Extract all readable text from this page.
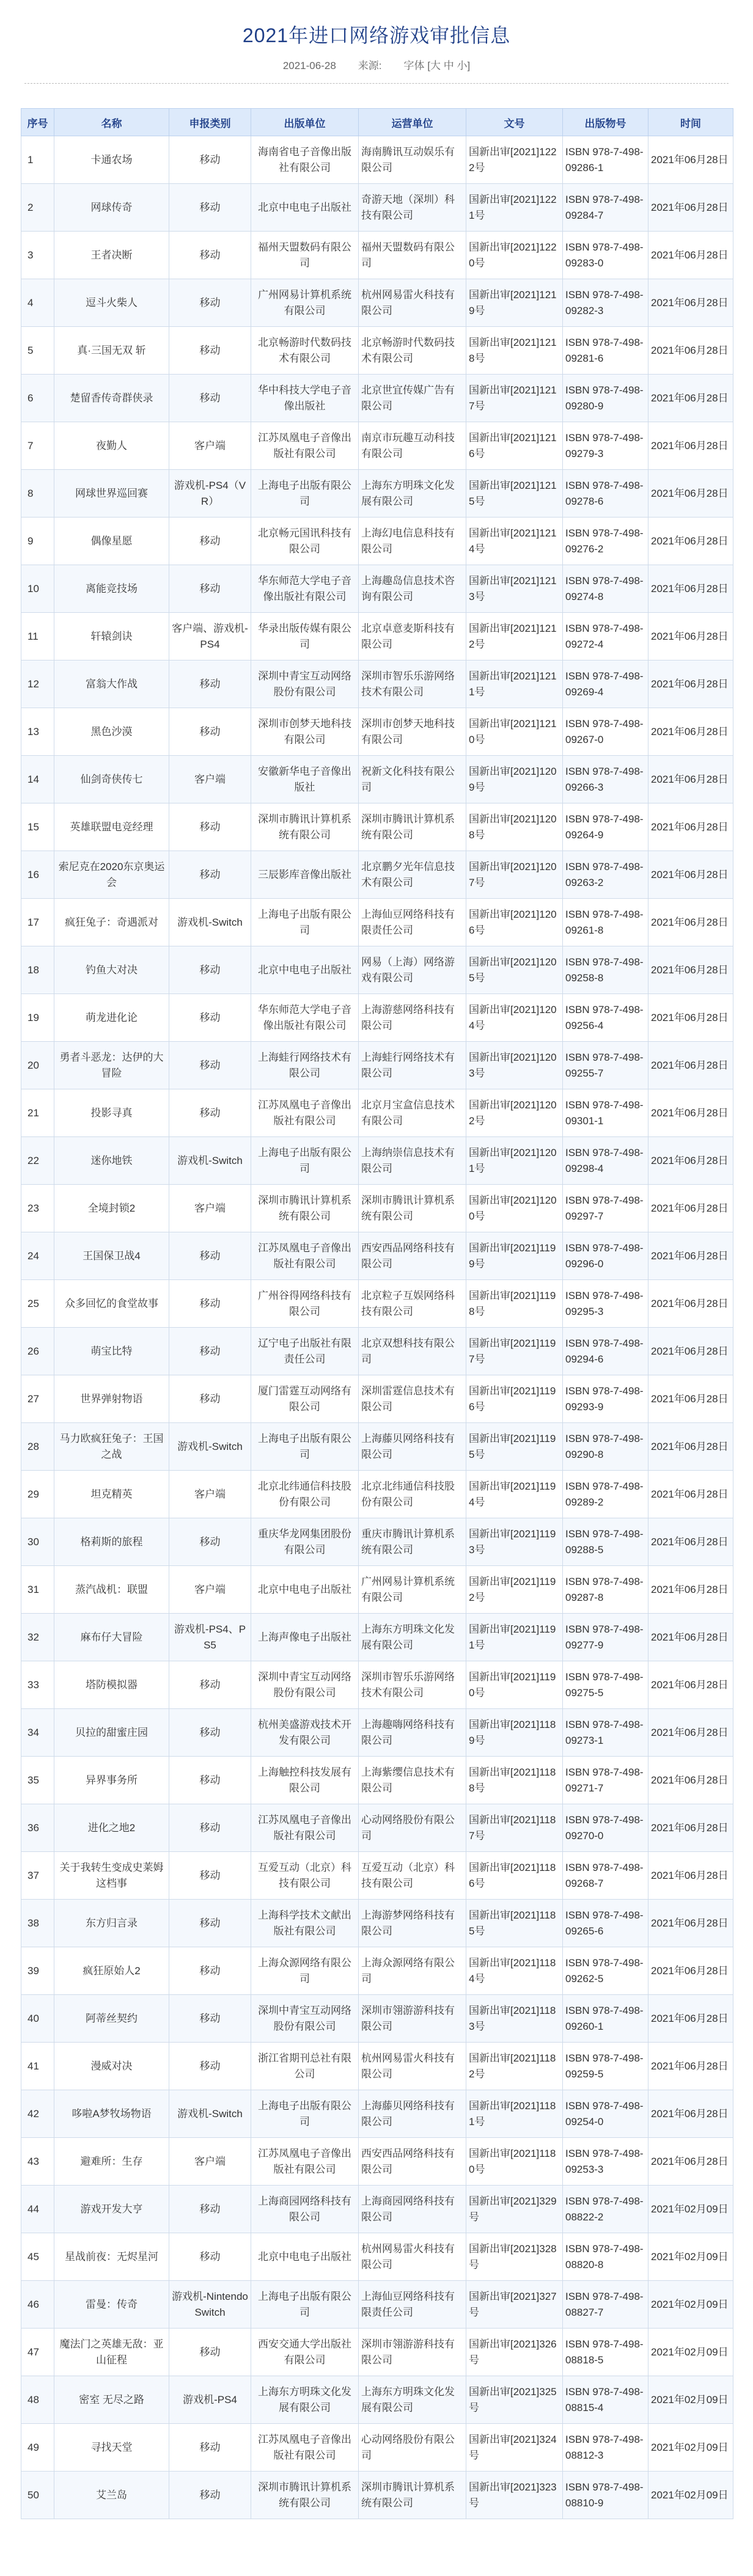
2021年进口网络游戏审批信息
2021-06-28 来源: 字体 [大 中 小]
序号	名称	申报类别	出版单位	运营单位	文号	出版物号	时间
1	卡通农场	移动	海南省电子音像出版社有限公司	海南腾讯互动娱乐有限公司	国新出审[2021]1222号	ISBN 978-7-498-09286-1	2021年06月28日
2	网球传奇	移动	北京中电电子出版社	奇游天地（深圳）科技有限公司	国新出审[2021]1221号	ISBN 978-7-498-09284-7	2021年06月28日
3	王者决断	移动	福州天盟数码有限公司	福州天盟数码有限公司	国新出审[2021]1220号	ISBN 978-7-498-09283-0	2021年06月28日
4	逗斗火柴人	移动	广州网易计算机系统有限公司	杭州网易雷火科技有限公司	国新出审[2021]1219号	ISBN 978-7-498-09282-3	2021年06月28日
5	真·三国无双 斩	移动	北京畅游时代数码技术有限公司	北京畅游时代数码技术有限公司	国新出审[2021]1218号	ISBN 978-7-498-09281-6	2021年06月28日
6	楚留香传奇群侠录	移动	华中科技大学电子音像出版社	北京世宜传媒广告有限公司	国新出审[2021]1217号	ISBN 978-7-498-09280-9	2021年06月28日
7	夜勤人	客户端	江苏凤凰电子音像出版社有限公司	南京市玩趣互动科技有限公司	国新出审[2021]1216号	ISBN 978-7-498-09279-3	2021年06月28日
8	网球世界巡回赛	游戏机-PS4（VR）	上海电子出版有限公司	上海东方明珠文化发展有限公司	国新出审[2021]1215号	ISBN 978-7-498-09278-6	2021年06月28日
9	偶像星愿	移动	北京畅元国讯科技有限公司	上海幻电信息科技有限公司	国新出审[2021]1214号	ISBN 978-7-498-09276-2	2021年06月28日
10	离能竞技场	移动	华东师范大学电子音像出版社有限公司	上海趣岛信息技术咨询有限公司	国新出审[2021]1213号	ISBN 978-7-498-09274-8	2021年06月28日
11	轩辕剑诀	客户端、游戏机-PS4	华录出版传媒有限公司	北京卓意麦斯科技有限公司	国新出审[2021]1212号	ISBN 978-7-498-09272-4	2021年06月28日
12	富翁大作战	移动	深圳中青宝互动网络股份有限公司	深圳市智乐乐游网络技术有限公司	国新出审[2021]1211号	ISBN 978-7-498-09269-4	2021年06月28日
13	黑色沙漠	移动	深圳市创梦天地科技有限公司	深圳市创梦天地科技有限公司	国新出审[2021]1210号	ISBN 978-7-498-09267-0	2021年06月28日
14	仙剑奇侠传七	客户端	安徽新华电子音像出版社	祝新文化科技有限公司	国新出审[2021]1209号	ISBN 978-7-498-09266-3	2021年06月28日
15	英雄联盟电竞经理	移动	深圳市腾讯计算机系统有限公司	深圳市腾讯计算机系统有限公司	国新出审[2021]1208号	ISBN 978-7-498-09264-9	2021年06月28日
16	索尼克在2020东京奥运会	移动	三辰影库音像出版社	北京鹏夕光年信息技术有限公司	国新出审[2021]1207号	ISBN 978-7-498-09263-2	2021年06月28日
17	疯狂兔子：奇遇派对	游戏机-Switch	上海电子出版有限公司	上海仙豆网络科技有限责任公司	国新出审[2021]1206号	ISBN 978-7-498-09261-8	2021年06月28日
18	钓鱼大对决	移动	北京中电电子出版社	网易（上海）网络游戏有限公司	国新出审[2021]1205号	ISBN 978-7-498-09258-8	2021年06月28日
19	萌龙进化论	移动	华东师范大学电子音像出版社有限公司	上海游慈网络科技有限公司	国新出审[2021]1204号	ISBN 978-7-498-09256-4	2021年06月28日
20	勇者斗恶龙：达伊的大冒险	移动	上海蛙行网络技术有限公司	上海蛙行网络技术有限公司	国新出审[2021]1203号	ISBN 978-7-498-09255-7	2021年06月28日
21	投影寻真	移动	江苏凤凰电子音像出版社有限公司	北京月宝盒信息技术有限公司	国新出审[2021]1202号	ISBN 978-7-498-09301-1	2021年06月28日
22	迷你地铁	游戏机-Switch	上海电子出版有限公司	上海纳崇信息技术有限公司	国新出审[2021]1201号	ISBN 978-7-498-09298-4	2021年06月28日
23	全境封锁2	客户端	深圳市腾讯计算机系统有限公司	深圳市腾讯计算机系统有限公司	国新出审[2021]1200号	ISBN 978-7-498-09297-7	2021年06月28日
24	王国保卫战4	移动	江苏凤凰电子音像出版社有限公司	西安西品网络科技有限公司	国新出审[2021]1199号	ISBN 978-7-498-09296-0	2021年06月28日
25	众多回忆的食堂故事	移动	广州谷得网络科技有限公司	北京粒子互娱网络科技有限公司	国新出审[2021]1198号	ISBN 978-7-498-09295-3	2021年06月28日
26	萌宝比特	移动	辽宁电子出版社有限责任公司	北京双想科技有限公司	国新出审[2021]1197号	ISBN 978-7-498-09294-6	2021年06月28日
27	世界弹射物语	移动	厦门雷霆互动网络有限公司	深圳雷霆信息技术有限公司	国新出审[2021]1196号	ISBN 978-7-498-09293-9	2021年06月28日
28	马力欧疯狂兔子：王国之战	游戏机-Switch	上海电子出版有限公司	上海藤贝网络科技有限公司	国新出审[2021]1195号	ISBN 978-7-498-09290-8	2021年06月28日
29	坦克精英	客户端	北京北纬通信科技股份有限公司	北京北纬通信科技股份有限公司	国新出审[2021]1194号	ISBN 978-7-498-09289-2	2021年06月28日
30	格莉斯的旅程	移动	重庆华龙网集团股份有限公司	重庆市腾讯计算机系统有限公司	国新出审[2021]1193号	ISBN 978-7-498-09288-5	2021年06月28日
31	蒸汽战机：联盟	客户端	北京中电电子出版社	广州网易计算机系统有限公司	国新出审[2021]1192号	ISBN 978-7-498-09287-8	2021年06月28日
32	麻布仔大冒险	游戏机-PS4、PS5	上海声像电子出版社	上海东方明珠文化发展有限公司	国新出审[2021]1191号	ISBN 978-7-498-09277-9	2021年06月28日
33	塔防模拟器	移动	深圳中青宝互动网络股份有限公司	深圳市智乐乐游网络技术有限公司	国新出审[2021]1190号	ISBN 978-7-498-09275-5	2021年06月28日
34	贝拉的甜蜜庄园	移动	杭州美盛游戏技术开发有限公司	上海趣嗨网络科技有限公司	国新出审[2021]1189号	ISBN 978-7-498-09273-1	2021年06月28日
35	异界事务所	移动	上海触控科技发展有限公司	上海紫缨信息技术有限公司	国新出审[2021]1188号	ISBN 978-7-498-09271-7	2021年06月28日
36	进化之地2	移动	江苏凤凰电子音像出版社有限公司	心动网络股份有限公司	国新出审[2021]1187号	ISBN 978-7-498-09270-0	2021年06月28日
37	关于我转生变成史莱姆这档事	移动	互爱互动（北京）科技有限公司	互爱互动（北京）科技有限公司	国新出审[2021]1186号	ISBN 978-7-498-09268-7	2021年06月28日
38	东方归言录	移动	上海科学技术文献出版社有限公司	上海游梦网络科技有限公司	国新出审[2021]1185号	ISBN 978-7-498-09265-6	2021年06月28日
39	疯狂原始人2	移动	上海众源网络有限公司	上海众源网络有限公司	国新出审[2021]1184号	ISBN 978-7-498-09262-5	2021年06月28日
40	阿蒂丝契约	移动	深圳中青宝互动网络股份有限公司	深圳市翎游游科技有限公司	国新出审[2021]1183号	ISBN 978-7-498-09260-1	2021年06月28日
41	漫威对决	移动	浙江省期刊总社有限公司	杭州网易雷火科技有限公司	国新出审[2021]1182号	ISBN 978-7-498-09259-5	2021年06月28日
42	哆啦A梦牧场物语	游戏机-Switch	上海电子出版有限公司	上海藤贝网络科技有限公司	国新出审[2021]1181号	ISBN 978-7-498-09254-0	2021年06月28日
43	避难所：生存	客户端	江苏凤凰电子音像出版社有限公司	西安西品网络科技有限公司	国新出审[2021]1180号	ISBN 978-7-498-09253-3	2021年06月28日
44	游戏开发大亨	移动	上海商园网络科技有限公司	上海商园网络科技有限公司	国新出审[2021]329号	ISBN 978-7-498-08822-2	2021年02月09日
45	星战前夜：无烬星河	移动	北京中电电子出版社	杭州网易雷火科技有限公司	国新出审[2021]328号	ISBN 978-7-498-08820-8	2021年02月09日
46	雷曼：传奇	游戏机-Nintendo Switch	上海电子出版有限公司	上海仙豆网络科技有限责任公司	国新出审[2021]327号	ISBN 978-7-498-08827-7	2021年02月09日
47	魔法门之英雄无敌：亚山征程	移动	西安交通大学出版社有限公司	深圳市翎游游科技有限公司	国新出审[2021]326号	ISBN 978-7-498-08818-5	2021年02月09日
48	密室 无尽之路	游戏机-PS4	上海东方明珠文化发展有限公司	上海东方明珠文化发展有限公司	国新出审[2021]325号	ISBN 978-7-498-08815-4	2021年02月09日
49	寻找天堂	移动	江苏凤凰电子音像出版社有限公司	心动网络股份有限公司	国新出审[2021]324号	ISBN 978-7-498-08812-3	2021年02月09日
50	艾兰岛	移动	深圳市腾讯计算机系统有限公司	深圳市腾讯计算机系统有限公司	国新出审[2021]323号	ISBN 978-7-498-08810-9	2021年02月09日
